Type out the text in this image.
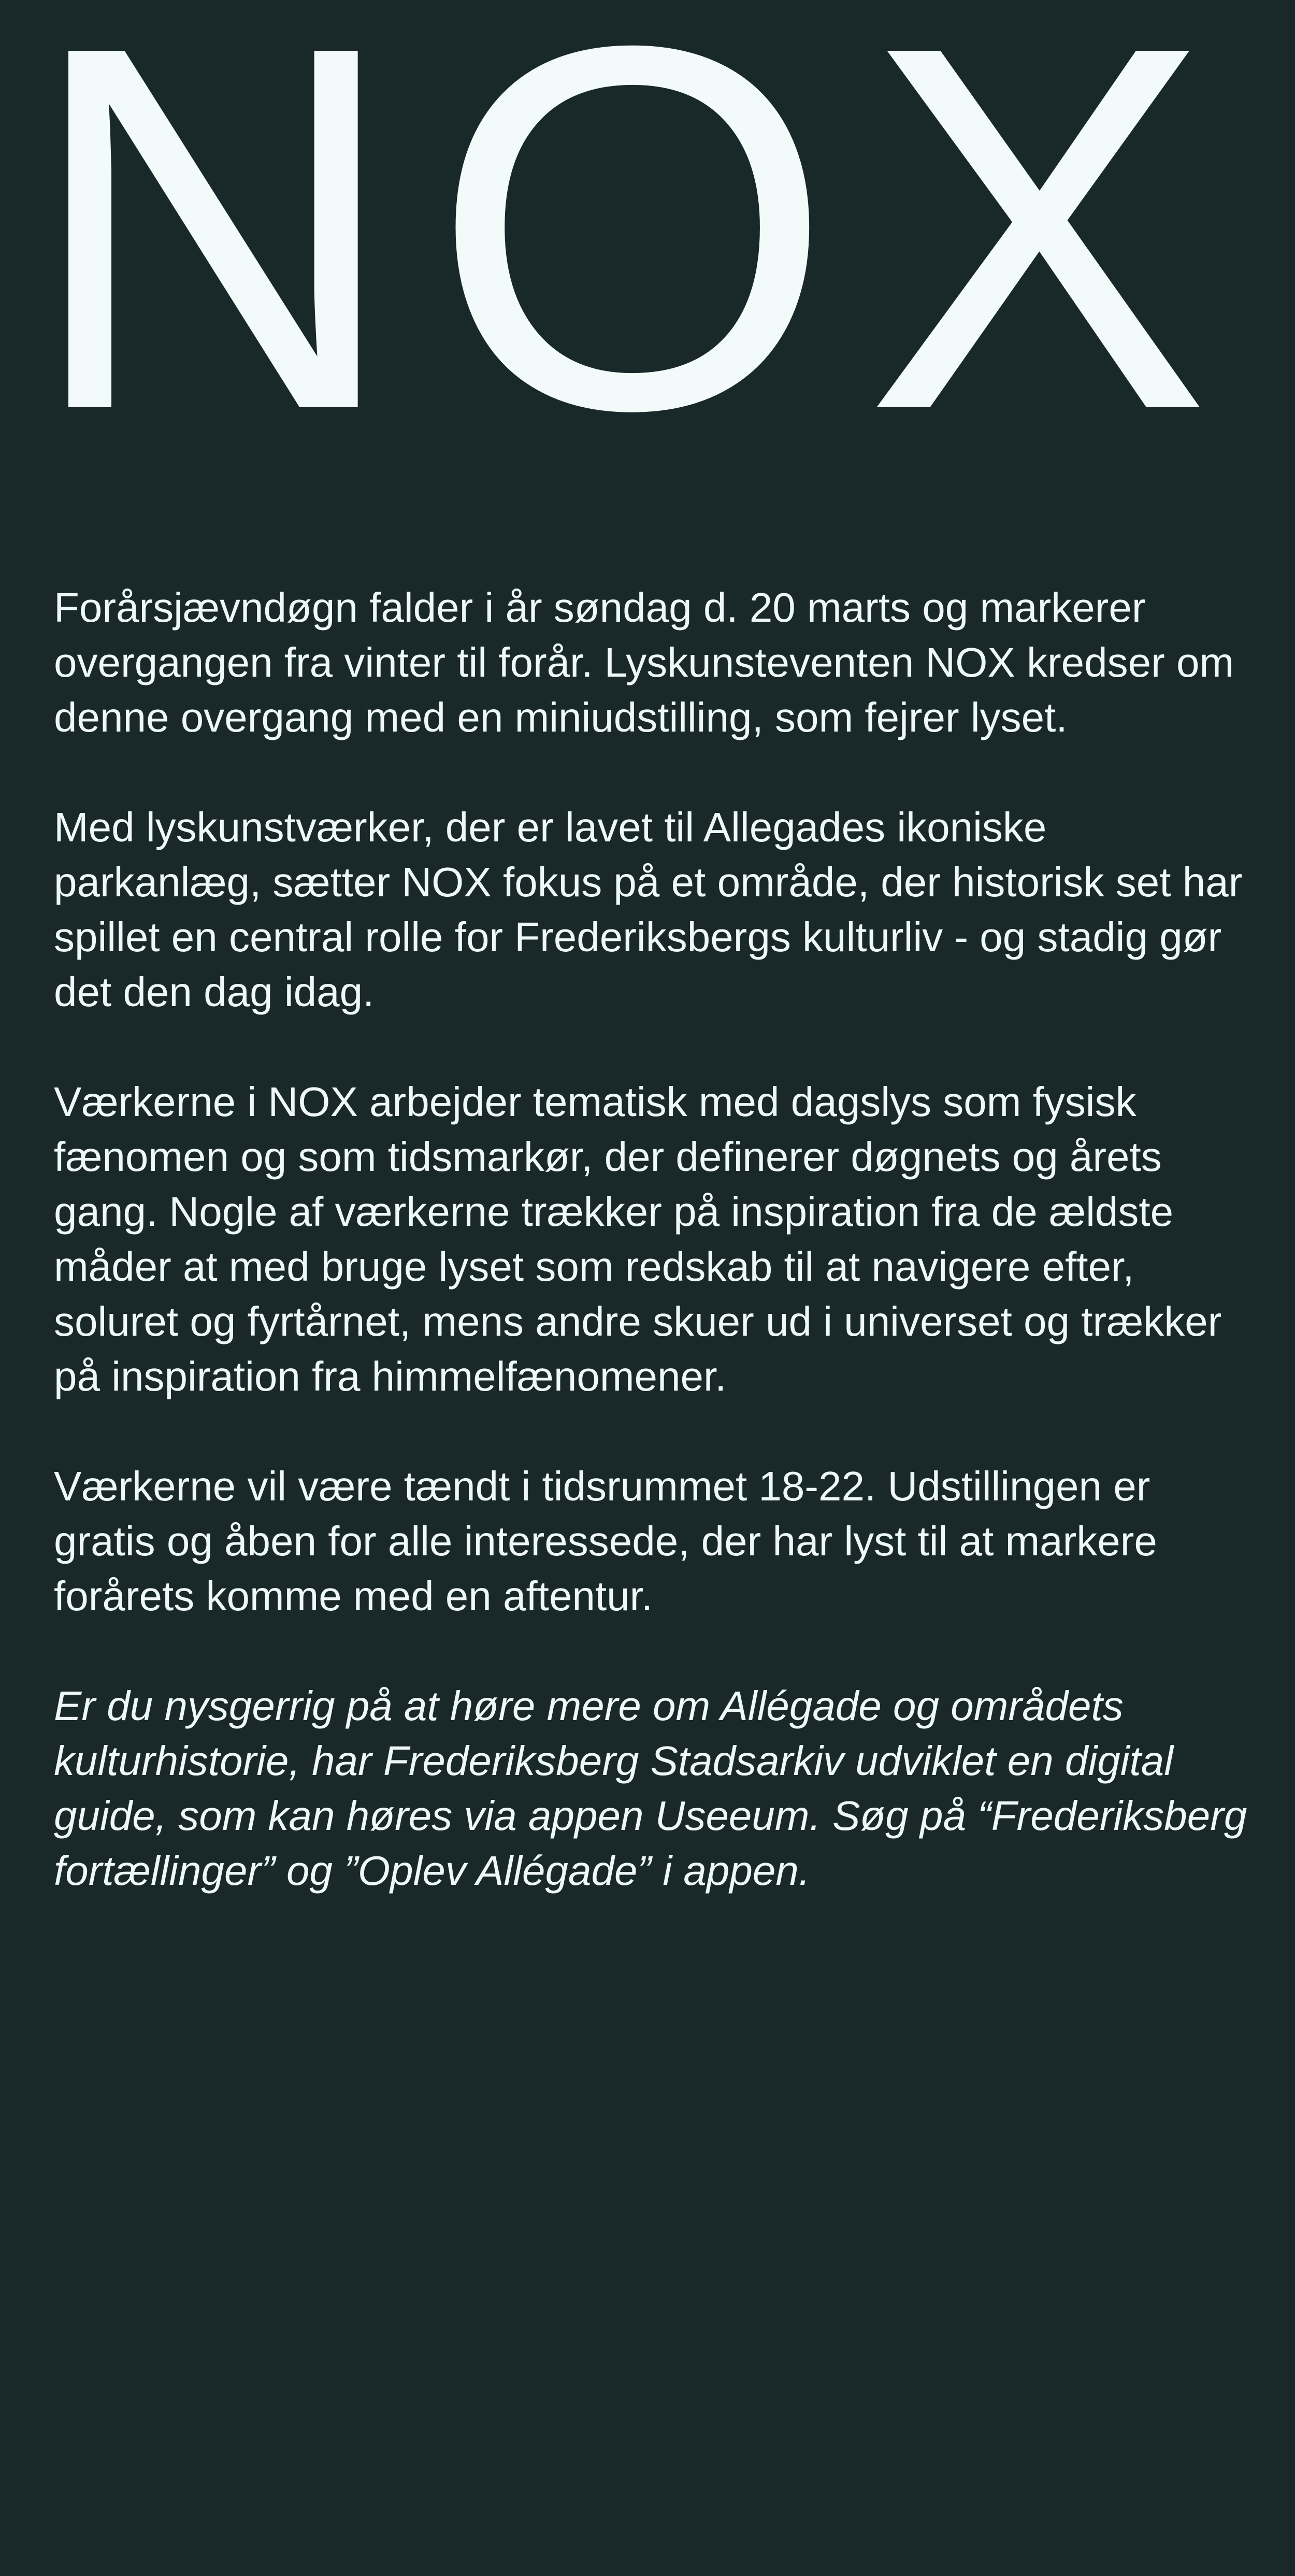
NOX

Forårsjævndøgn falder i år søndag d. 20 marts og markerer overgangen fra vinter til forår. Lyskunsteventen NOX kredser om denne overgang med en miniudstilling, som fejrer lyset.

Med lyskunstværker, der er lavet til Allegades ikoniske parkanlæg, sætter NOX fokus på et område, der historisk set har spillet en central rolle for Frederiksbergs kulturliv - og stadig gør det den dag idag.

Værkerne i NOX arbejder tematisk med dagslys som fysisk fænomen og som tidsmarkør, der definerer døgnets og årets gang. Nogle af værkerne trækker på inspiration fra de ældste måder at med bruge lyset som redskab til at navigere efter, soluret og fyrtårnet, mens andre skuer ud i universet og trækker på inspiration fra himmelfænomener.

Værkerne vil være tændt i tidsrummet 18-22. Udstillingen er gratis og åben for alle interessede, der har lyst til at markere forårets komme med en aftentur.

Er du nysgerrig på at høre mere om Allégade og områdets kulturhistorie, har Frederiksberg Stadsarkiv udviklet en digital guide, som kan høres via appen Useeum. Søg på “Frederiksberg fortællinger” og ”Oplev Allégade” i appen.
